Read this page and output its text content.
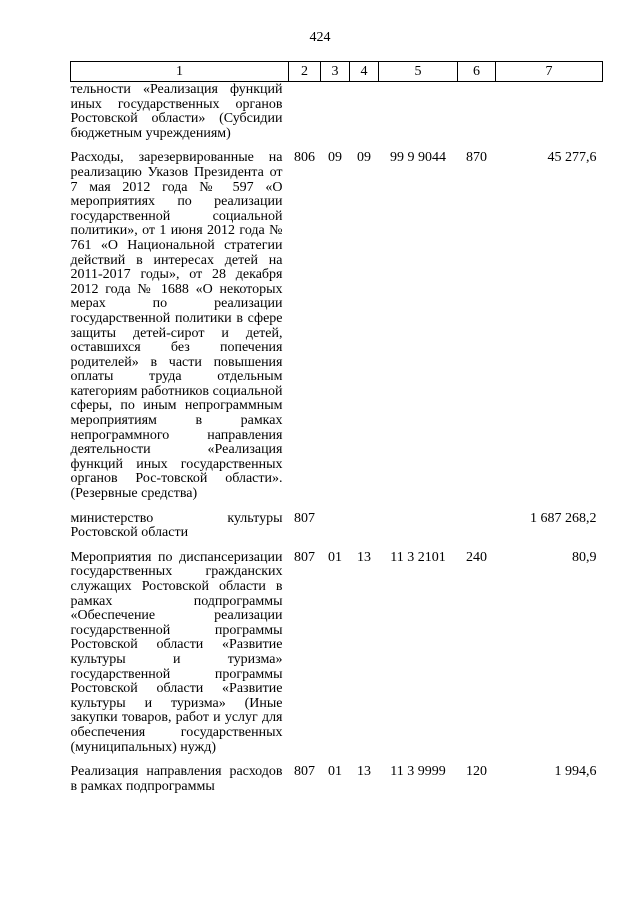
424
1	2	3	4	5	6	7
тельности «Реализация функций иных государственных органов Ростовской области» (Субсидии бюджетным учреждениям)						
Расходы, зарезервированные на реализацию Указов Президента от 7 мая 2012 года № 597 «О мероприятиях по реализации государственной социальной политики», от 1 июня 2012 года № 761 «О Национальной стратегии действий в интересах детей на 2011-2017 годы», от 28 декабря 2012 года № 1688 «О некоторых мерах по реализации государственной политики в сфере защиты детей-сирот и детей, оставшихся без попечения родителей» в части повышения оплаты труда отдельным категориям работников социальной сферы, по иным непрограммным мероприятиям в рамках непрограммного направления деятельности «Реализация функций иных государственных органов Рос-товской области». (Резервные средства)	806	09	09	99 9 9044	870	45 277,6
министерство культуры Ростовской области	807					1 687 268,2
Мероприятия по диспансеризации государственных гражданских служащих Ростовской области в рамках подпрограммы «Обеспечение реализации государственной программы Ростовской области «Развитие культуры и туризма» государственной программы Ростовской области «Развитие культуры и туризма» (Иные закупки товаров, работ и услуг для обеспечения государственных (муниципальных) нужд)	807	01	13	11 3 2101	240	80,9
Реализация направления расходов в рамках подпрограммы	807	01	13	11 3 9999	120	1 994,6
